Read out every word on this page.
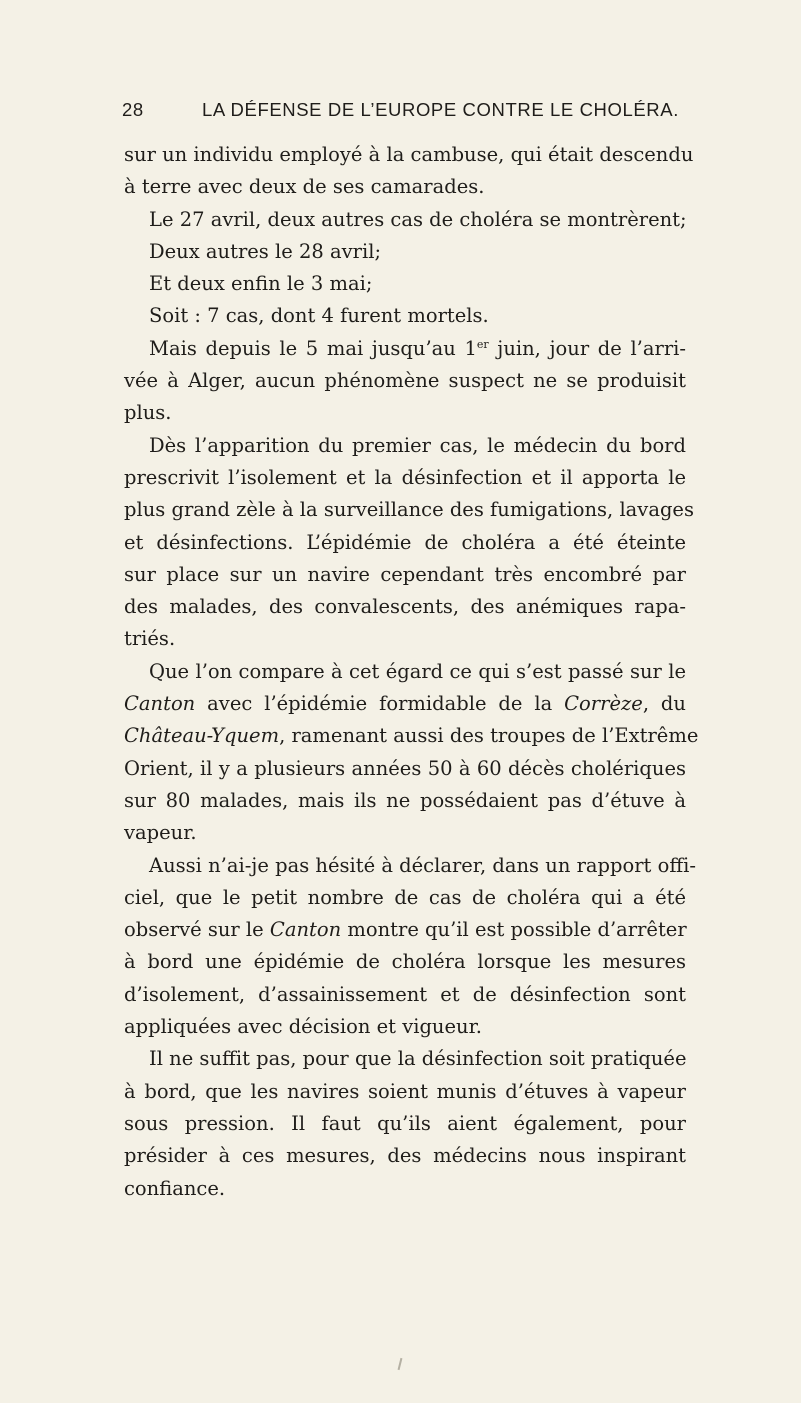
28	LA DÉFENSE DE L’EUROPE CONTRE LE CHOLÉRA.
sur un individu employé à la cambuse, qui était descendu
à terre avec deux de ses camarades.
Le 27 avril, deux autres cas de choléra se montrèrent;
Deux autres le 28 avril;
Et deux enfin le 3 mai;
Soit : 7 cas, dont 4 furent mortels.
Mais depuis le 5 mai jusqu’au 1er juin, jour de l’arri-
vée à Alger, aucun phénomène suspect ne se produisit
plus.
Dès l’apparition du premier cas, le médecin du bord
prescrivit l’isolement et la désinfection et il apporta le
plus grand zèle à la surveillance des fumigations, lavages
et désinfections. L’épidémie de choléra a été éteinte
sur place sur un navire cependant très encombré par
des malades, des convalescents, des anémiques rapa-
triés.
Que l’on compare à cet égard ce qui s’est passé sur le
Canton avec l’épidémie formidable de la Corrèze, du
Château-Yquem, ramenant aussi des troupes de l’Extrême
Orient, il y a plusieurs années 50 à 60 décès cholériques
sur 80 malades, mais ils ne possédaient pas d’étuve à
vapeur.
Aussi n’ai-je pas hésité à déclarer, dans un rapport offi-
ciel, que le petit nombre de cas de choléra qui a été
observé sur le Canton montre qu’il est possible d’arrêter
à bord une épidémie de choléra lorsque les mesures
d’isolement, d’assainissement et de désinfection sont
appliquées avec décision et vigueur.
Il ne suffit pas, pour que la désinfection soit pratiquée
à bord, que les navires soient munis d’étuves à vapeur
sous pression. Il faut qu’ils aient également, pour
présider à ces mesures, des médecins nous inspirant
confiance.
